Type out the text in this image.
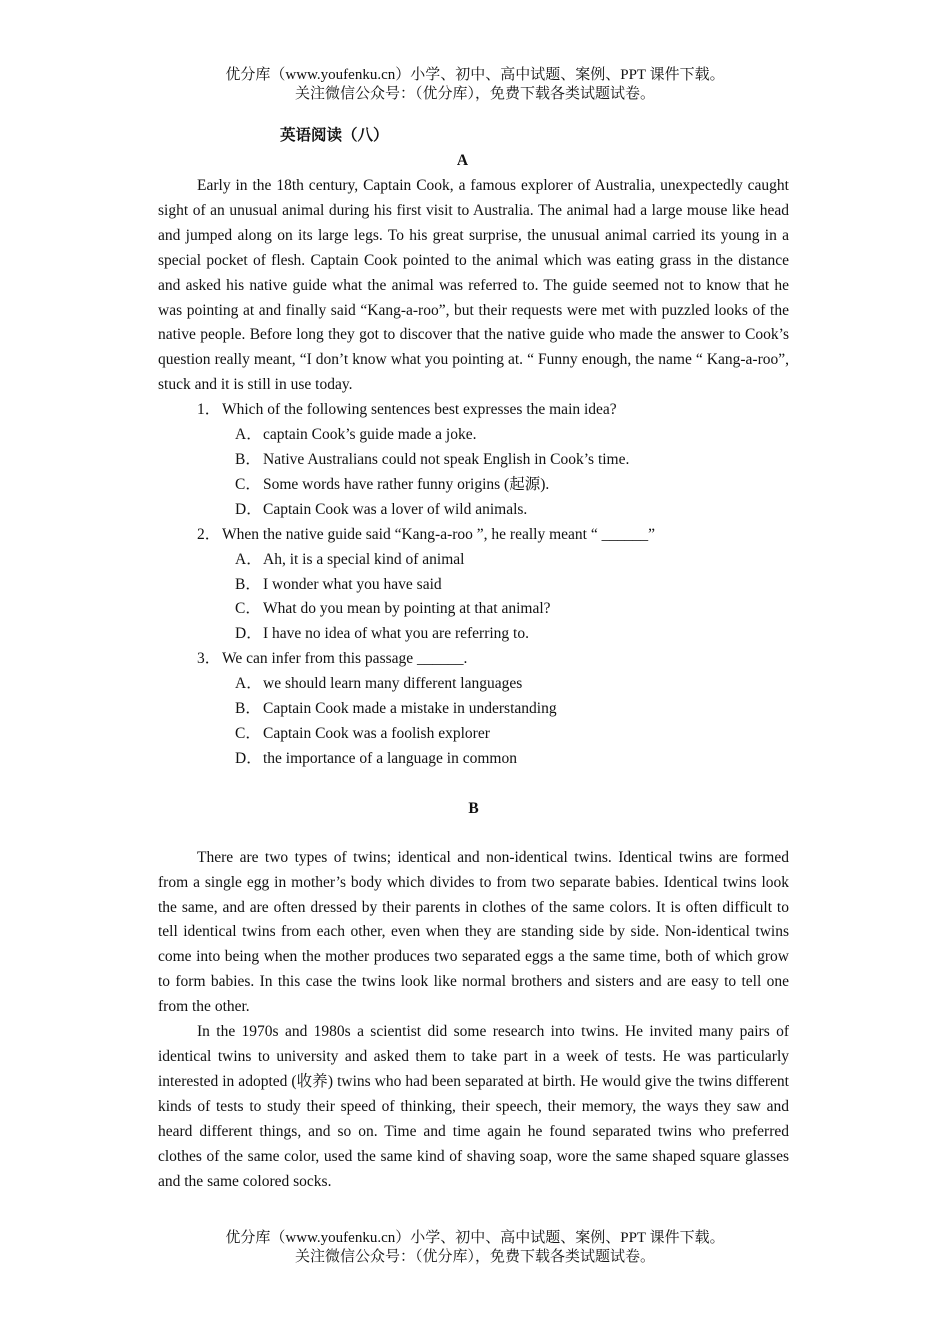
优分库（www.youfenku.cn）小学、初中、高中试题、案例、PPT 课件下载。
关注微信公众号：（优分库），免费下载各类试题试卷。
英语阅读（八）
A

Early in the 18th century, Captain Cook, a famous explorer of Australia, unexpectedly caught sight of an unusual animal during his first visit to Australia. The animal had a large mouse like head and jumped along on its large legs. To his great surprise, the unusual animal carried its young in a special pocket of flesh. Captain Cook pointed to the animal which was eating grass in the distance and asked his native guide what the animal was referred to. The guide seemed not to know that he was pointing at and finally said “Kang-a-roo”, but their requests were met with puzzled looks of the native people. Before long they got to discover that the native guide who made the answer to Cook’s question really meant, “I don’t know what you pointing at. “ Funny enough, the name “ Kang-a-roo”, stuck and it is still in use today.

1． Which of the following sentences best expresses the main idea?
A．captain Cook’s guide made a joke.
B． Native Australians could not speak English in Cook’s time.
C． Some words have rather funny origins (起源).
D．Captain Cook was a lover of wild animals.
2． When the native guide said “Kang-a-roo ”, he really meant “ ______”
A．Ah, it is a special kind of animal
B． I wonder what you have said
C． What do you mean by pointing at that animal?
D．I have no idea of what you are referring to.
3． We can infer from this passage ______.
A．we should learn many different languages
B． Captain Cook made a mistake in understanding
C． Captain Cook was a foolish explorer
D．the importance of a language in common
B

There are two types of twins; identical and non-identical twins. Identical twins are formed from a single egg in mother’s body which divides to from two separate babies. Identical twins look the same, and are often dressed by their parents in clothes of the same colors. It is often difficult to tell identical twins from each other, even when they are standing side by side. Non-identical twins come into being when the mother produces two separated eggs a the same time, both of which grow to form babies. In this case the twins look like normal brothers and sisters and are easy to tell one from the other.

In the 1970s and 1980s a scientist did some research into twins. He invited many pairs of identical twins to university and asked them to take part in a week of tests. He was particularly interested in adopted (收养) twins who had been separated at birth. He would give the twins different kinds of tests to study their speed of thinking, their speech, their memory, the ways they saw and heard different things, and so on. Time and time again he found separated twins who preferred clothes of the same color, used the same kind of shaving soap, wore the same shaped square glasses and the same colored socks.

优分库（www.youfenku.cn）小学、初中、高中试题、案例、PPT 课件下载。
关注微信公众号：（优分库），免费下载各类试题试卷。
